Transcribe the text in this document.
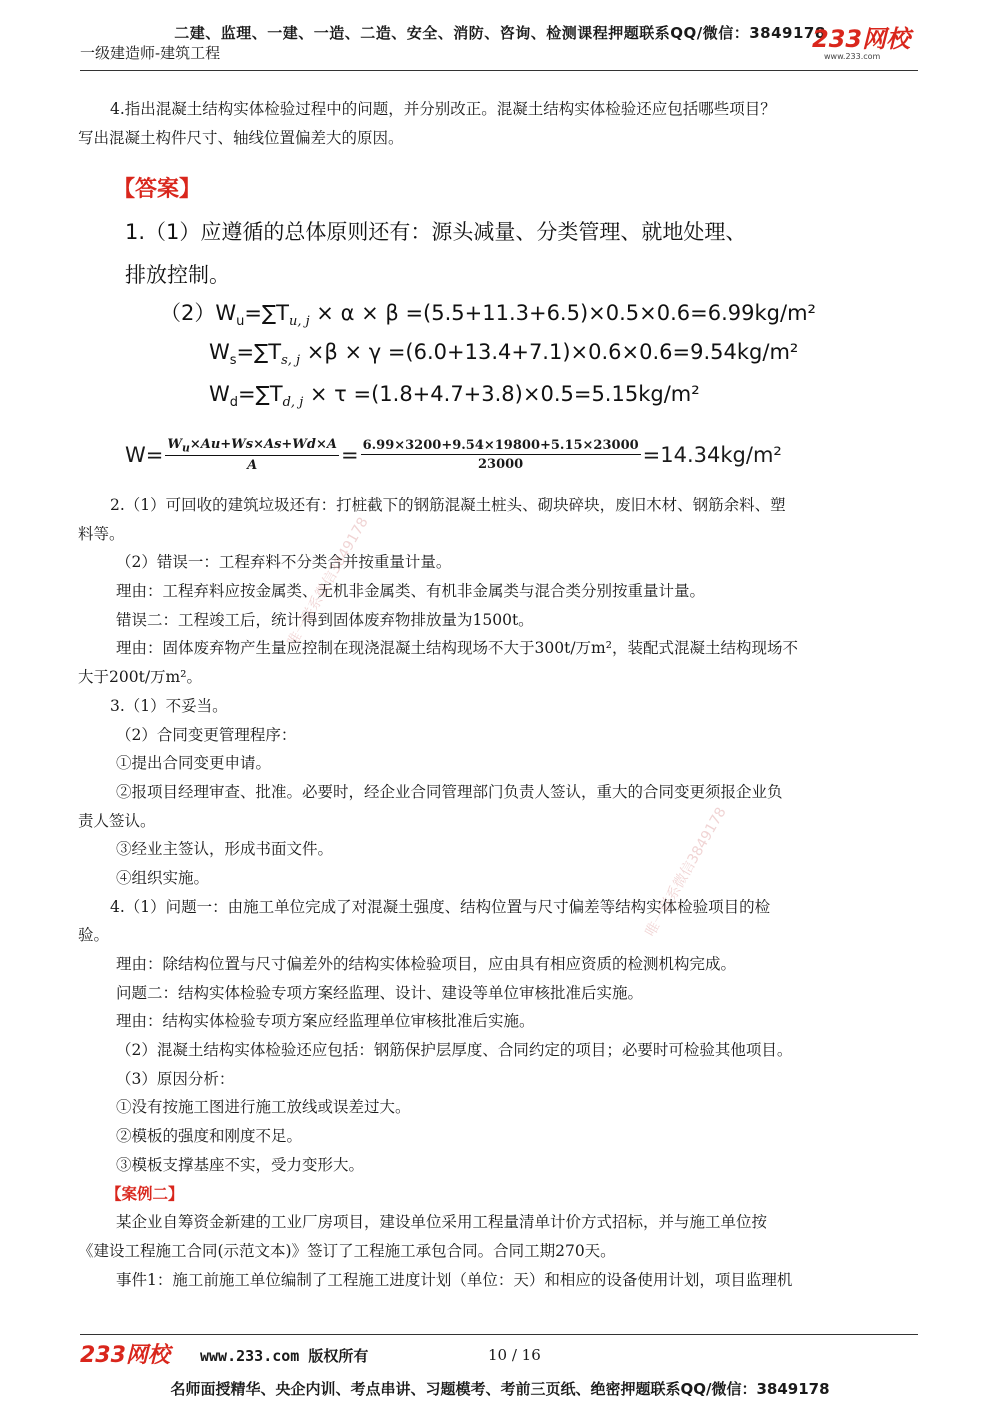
二建、监理、一建、一造、二造、安全、消防、咨询、检测课程押题联系QQ/微信：3849178
一级建造师-建筑工程	233网校
www.233.com
4.指出混凝土结构实体检验过程中的问题，并分别改正。混凝土结构实体检验还应包括哪些项目？
写出混凝土构件尺寸、轴线位置偏差大的原因。
【答案】
1.（1）应遵循的总体原则还有：源头减量、分类管理、就地处理、
排放控制。
$(2)W_u=\sum T_{u, j} \times \alpha \times \beta =(5.5+11.3+6.5)\times 0.5\times 0.6=6.99kg/m^2$
$W_s=\sum T_{s, j} \times\beta \times \gamma =(6.0+13.4+7.1)\times 0.6\times 0.6=9.54kg/m^2$
$W_d=\sum T_{d, j} \times \tau =(1.8+4.7+3.8)\times 0.5=5.15kg/m^2$
$W= \frac{W_u\times Au+Ws\times As+Wd\times A}{A} = \frac{6.99\times 3200+9.54\times 19800+5.15\times 23000}{23000} =14.34kg/m^2$
2.（1）可回收的建筑垃圾还有：打桩截下的钢筋混凝土桩头、砌块碎块，废旧木材、钢筋余料、塑
料等。
（2）错误一：工程弃料不分类合并按重量计量。
理由：工程弃料应按金属类、无机非金属类、有机非金属类与混合类分别按重量计量。
错误二：工程竣工后，统计得到固体废弃物排放量为1500t。
理由：固体废弃物产生量应控制在现浇混凝土结构现场不大于300t/万m²，装配式混凝土结构现场不
大于200t/万m²。
3.（1）不妥当。
（2）合同变更管理程序：
①提出合同变更申请。
②报项目经理审查、批准。必要时，经企业合同管理部门负责人签认，重大的合同变更须报企业负
责人签认。
③经业主签认，形成书面文件。
④组织实施。
4.（1）问题一：由施工单位完成了对混凝土强度、结构位置与尺寸偏差等结构实体检验项目的检
验。
理由：除结构位置与尺寸偏差外的结构实体检验项目，应由具有相应资质的检测机构完成。
问题二：结构实体检验专项方案经监理、设计、建设等单位审核批准后实施。
理由：结构实体检验专项方案应经监理单位审核批准后实施。
（2）混凝土结构实体检验还应包括：钢筋保护层厚度、合同约定的项目；必要时可检验其他项目。
（3）原因分析：
①没有按施工图进行施工放线或误差过大。
②模板的强度和刚度不足。
③模板支撑基座不实，受力变形大。
【案例二】
某企业自筹资金新建的工业厂房项目，建设单位采用工程量清单计价方式招标，并与施工单位按
《建设工程施工合同(示范文本)》签订了工程施工承包合同。合同工期270天。
事件1：施工前施工单位编制了工程施工进度计划（单位：天）和相应的设备使用计划，项目监理机
唯一联系微信3849178
唯一联系微信3849178
233网校 www.233.com 版权所有	10 / 16
名师面授精华、央企内训、考点串讲、习题模考、考前三页纸、绝密押题联系QQ/微信：3849178
